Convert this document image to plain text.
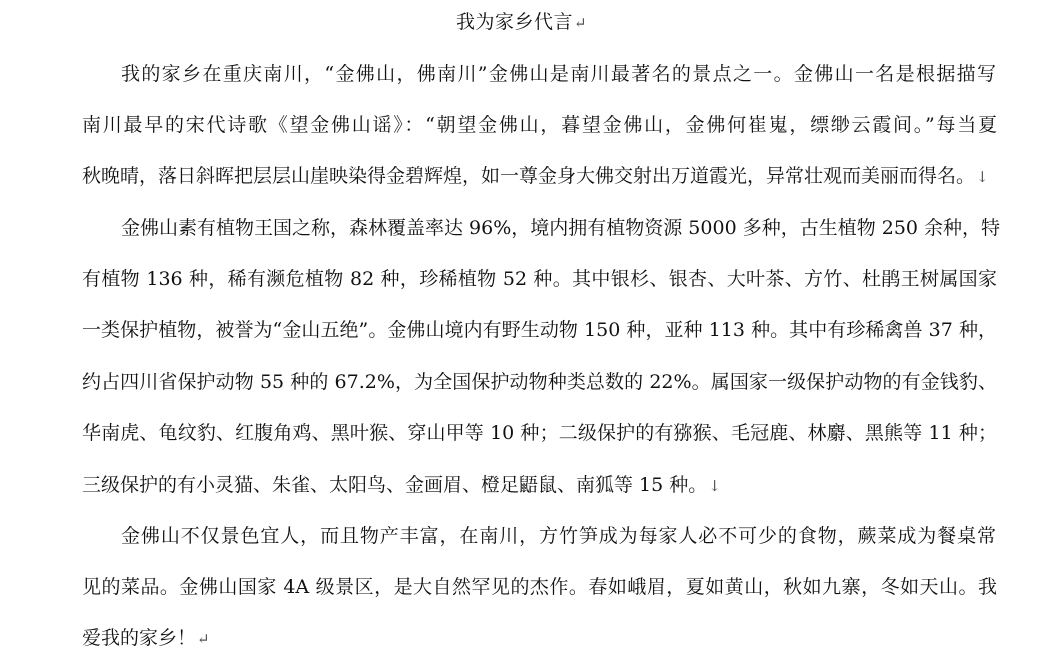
我为家乡代言↵
我的家乡在重庆南川，“金佛山，佛南川”金佛山是南川最著名的景点之一。金佛山一名是根据描写
南川最早的宋代诗歌《望金佛山谣》：“朝望金佛山，暮望金佛山，金佛何崔嵬，缥缈云霞间。”每当夏
秋晚晴，落日斜晖把层层山崖映染得金碧辉煌，如一尊金身大佛交射出万道霞光，异常壮观而美丽而得名。↓
金佛山素有植物王国之称，森林覆盖率达 96%，境内拥有植物资源 5000 多种，古生植物 250 余种，特
有植物 136 种，稀有濒危植物 82 种，珍稀植物 52 种。其中银杉、银杏、大叶茶、方竹、杜鹃王树属国家
一类保护植物，被誉为“金山五绝”。金佛山境内有野生动物 150 种，亚种 113 种。其中有珍稀禽兽 37 种，
约占四川省保护动物 55 种的 67.2%，为全国保护动物种类总数的 22%。属国家一级保护动物的有金钱豹、
华南虎、龟纹豹、红腹角鸡、黑叶猴、穿山甲等 10 种；二级保护的有猕猴、毛冠鹿、林麝、黑熊等 11 种；
三级保护的有小灵猫、朱雀、太阳鸟、金画眉、橙足鼯鼠、南狐等 15 种。↓
金佛山不仅景色宜人，而且物产丰富，在南川，方竹笋成为每家人必不可少的食物，蕨菜成为餐桌常
见的菜品。金佛山国家 4A 级景区，是大自然罕见的杰作。春如峨眉，夏如黄山，秋如九寨，冬如天山。我
爱我的家乡！↵
